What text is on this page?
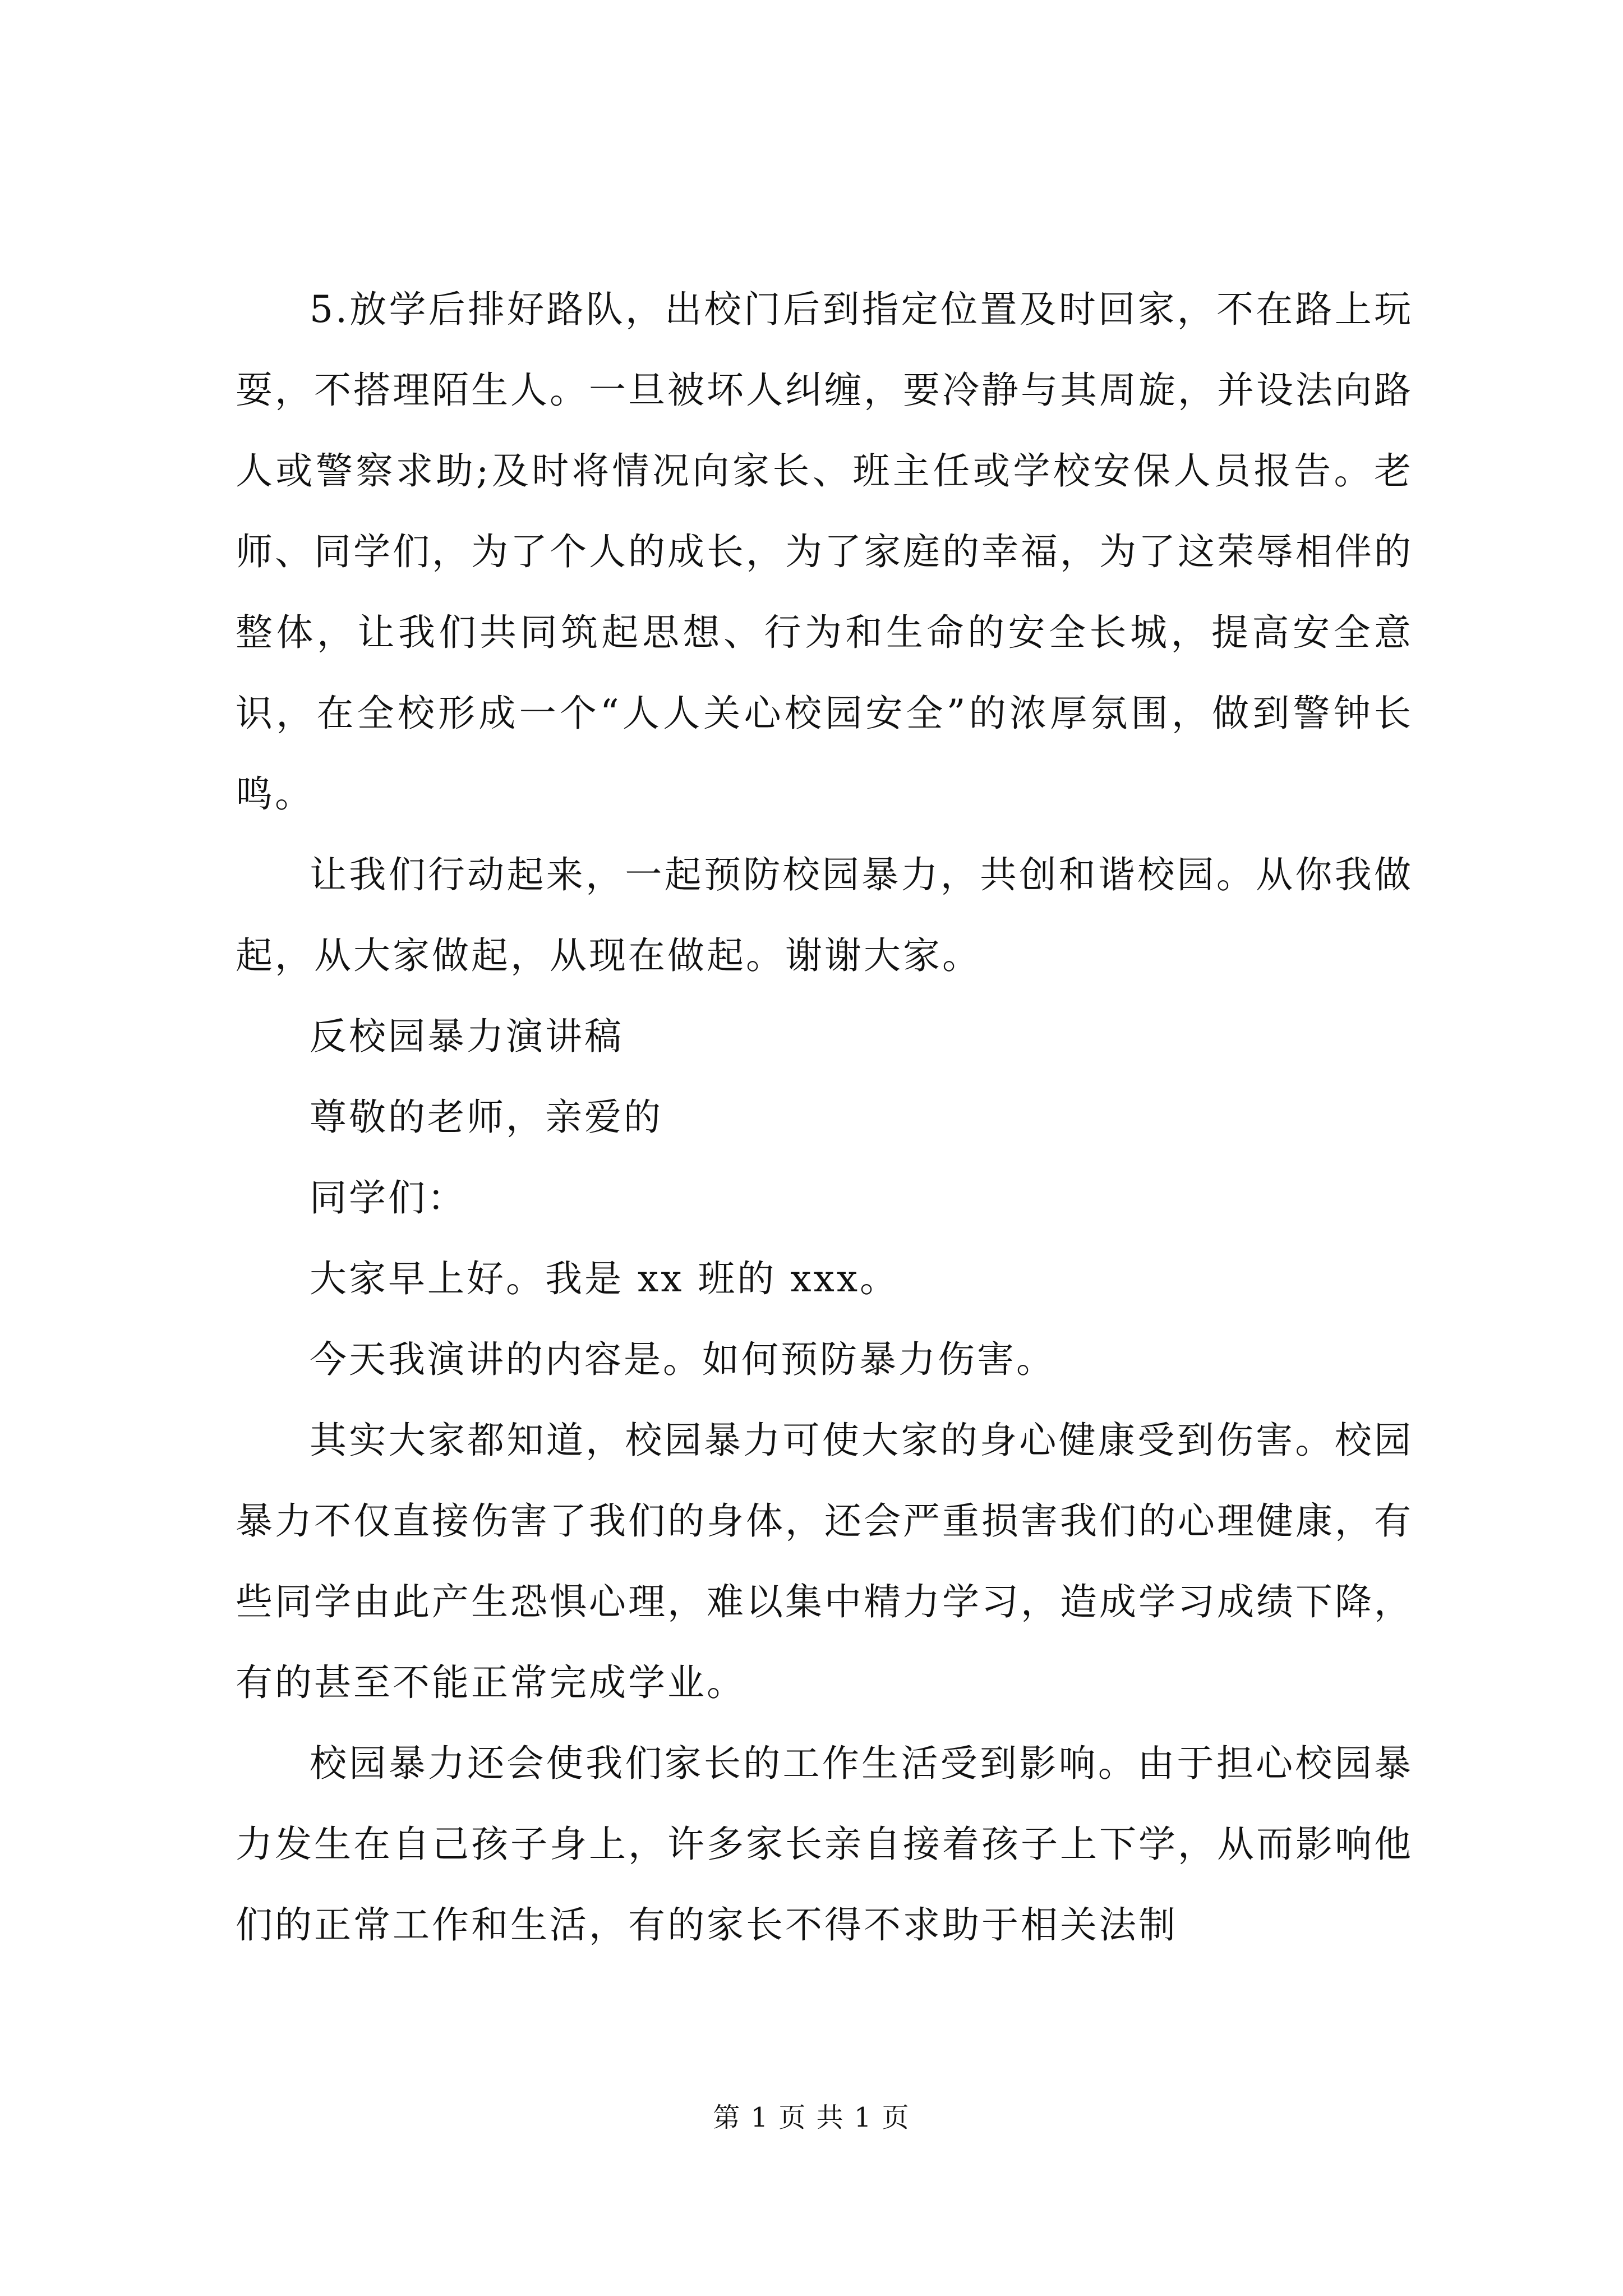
5.放学后排好路队，出校门后到指定位置及时回家，不在路上玩耍，不搭理陌生人。一旦被坏人纠缠，要冷静与其周旋，并设法向路人或警察求助;及时将情况向家长、班主任或学校安保人员报告。老师、同学们，为了个人的成长，为了家庭的幸福，为了这荣辱相伴的整体，让我们共同筑起思想、行为和生命的安全长城，提高安全意识，在全校形成一个“人人关心校园安全”的浓厚氛围，做到警钟长鸣。

让我们行动起来，一起预防校园暴力，共创和谐校园。从你我做起，从大家做起，从现在做起。谢谢大家。

反校园暴力演讲稿

尊敬的老师，亲爱的

同学们：

大家早上好。我是 xx 班的 xxx。

今天我演讲的内容是。如何预防暴力伤害。

其实大家都知道，校园暴力可使大家的身心健康受到伤害。校园暴力不仅直接伤害了我们的身体，还会严重损害我们的心理健康，有些同学由此产生恐惧心理，难以集中精力学习，造成学习成绩下降，有的甚至不能正常完成学业。

校园暴力还会使我们家长的工作生活受到影响。由于担心校园暴力发生在自己孩子身上，许多家长亲自接着孩子上下学，从而影响他们的正常工作和生活，有的家长不得不求助于相关法制

第 1 页 共 1 页
